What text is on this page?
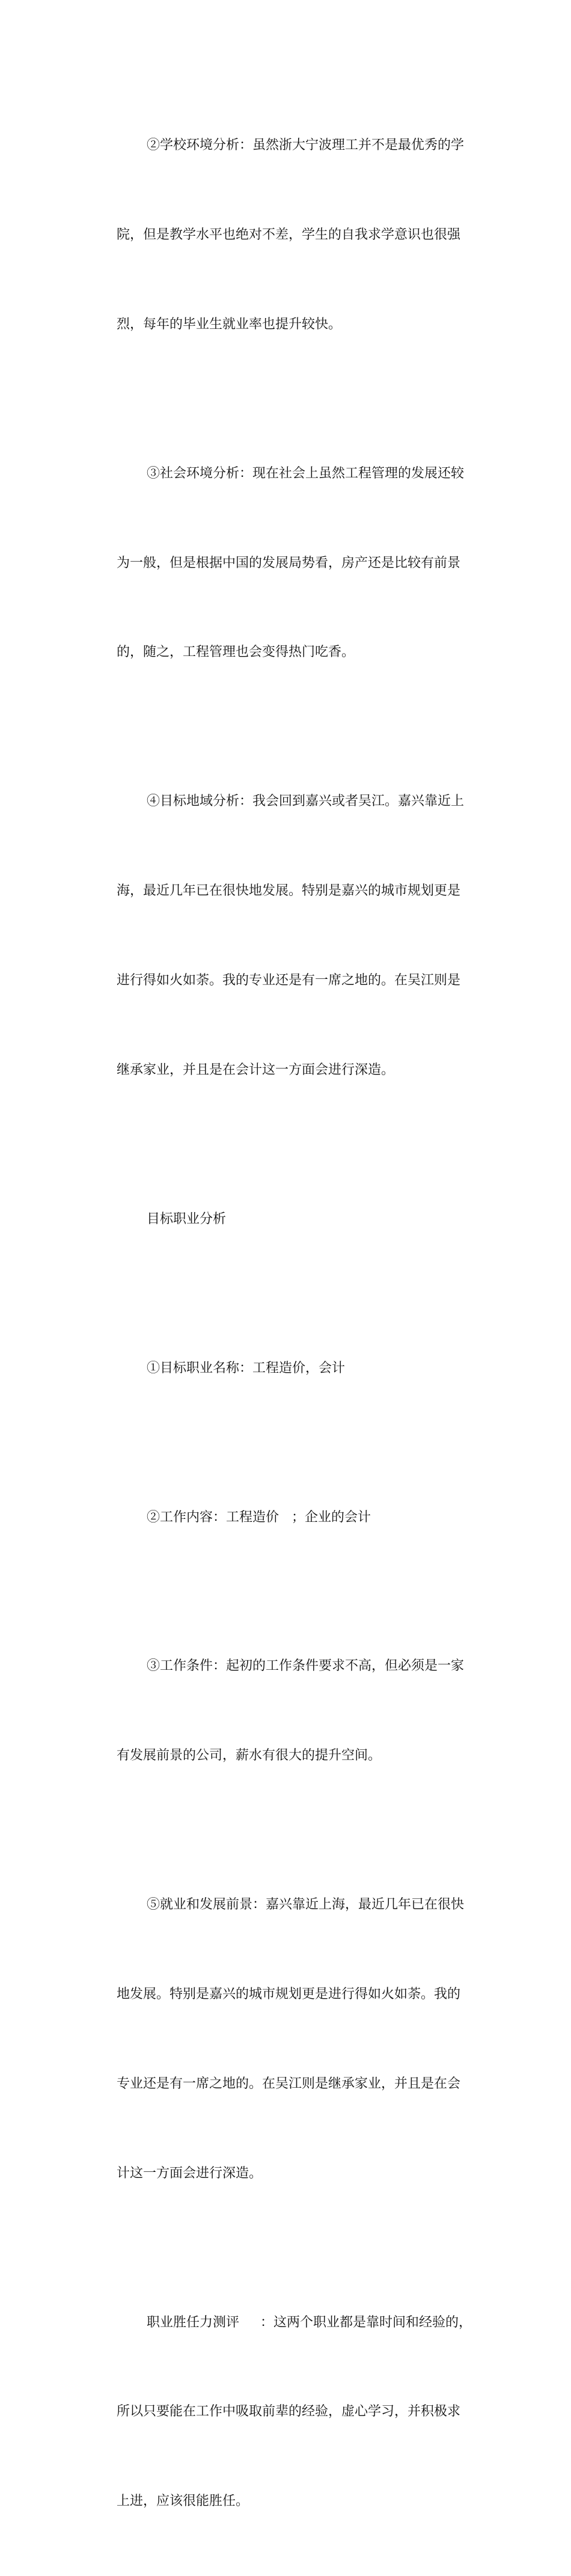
②学校环境分析：虽然浙大宁波理工并不是最优秀的学

院，但是教学水平也绝对不差，学生的自我求学意识也很强

烈，每年的毕业生就业率也提升较快。

③社会环境分析：现在社会上虽然工程管理的发展还较

为一般，但是根据中国的发展局势看，房产还是比较有前景

的，随之，工程管理也会变得热门吃香。

④目标地域分析：我会回到嘉兴或者吴江。嘉兴靠近上

海，最近几年已在很快地发展。特别是嘉兴的城市规划更是

进行得如火如荼。我的专业还是有一席之地的。在吴江则是

继承家业，并且是在会计这一方面会进行深造。

目标职业分析

①目标职业名称：工程造价，会计

②工作内容：工程造价   ；企业的会计

③工作条件：起初的工作条件要求不高，但必须是一家

有发展前景的公司，薪水有很大的提升空间。

⑤就业和发展前景：嘉兴靠近上海，最近几年已在很快

地发展。特别是嘉兴的城市规划更是进行得如火如荼。我的

专业还是有一席之地的。在吴江则是继承家业，并且是在会

计这一方面会进行深造。

职业胜任力测评     ：这两个职业都是靠时间和经验的，

所以只要能在工作中吸取前辈的经验，虚心学习，并积极求

上进，应该很能胜任。
